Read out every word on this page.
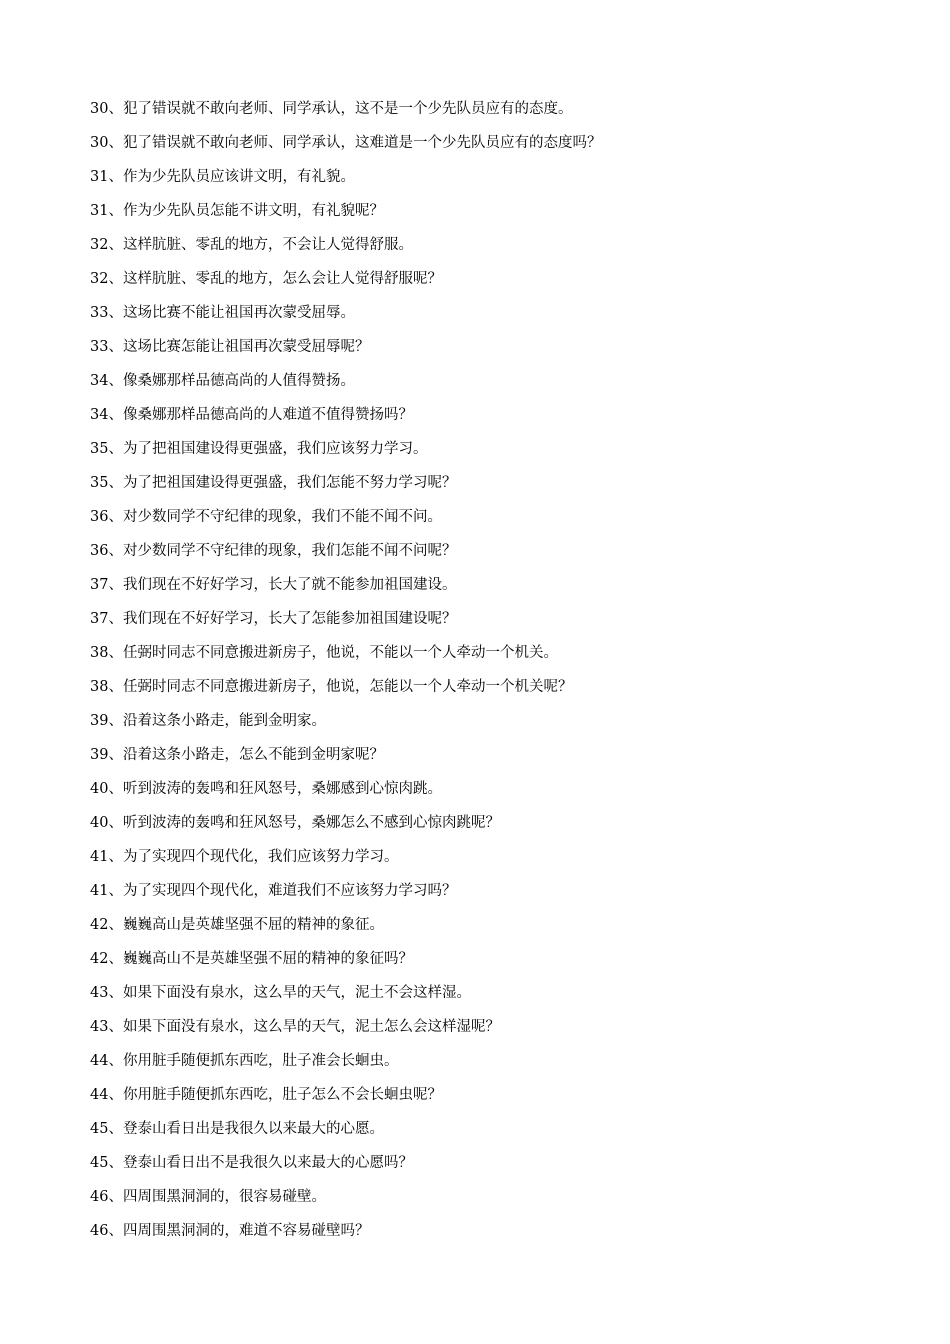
30、犯了错误就不敢向老师、同学承认，这不是一个少先队员应有的态度。
30、犯了错误就不敢向老师、同学承认，这难道是一个少先队员应有的态度吗？
31、作为少先队员应该讲文明，有礼貌。
31、作为少先队员怎能不讲文明，有礼貌呢？
32、这样肮脏、零乱的地方，不会让人觉得舒服。
32、这样肮脏、零乱的地方，怎么会让人觉得舒服呢？
33、这场比赛不能让祖国再次蒙受屈辱。
33、这场比赛怎能让祖国再次蒙受屈辱呢？
34、像桑娜那样品德高尚的人值得赞扬。
34、像桑娜那样品德高尚的人难道不值得赞扬吗？
35、为了把祖国建设得更强盛，我们应该努力学习。
35、为了把祖国建设得更强盛，我们怎能不努力学习呢？
36、对少数同学不守纪律的现象，我们不能不闻不问。
36、对少数同学不守纪律的现象，我们怎能不闻不问呢？
37、我们现在不好好学习，长大了就不能参加祖国建设。
37、我们现在不好好学习，长大了怎能参加祖国建设呢？
38、任弼时同志不同意搬进新房子，他说，不能以一个人牵动一个机关。
38、任弼时同志不同意搬进新房子，他说，怎能以一个人牵动一个机关呢？
39、沿着这条小路走，能到金明家。
39、沿着这条小路走，怎么不能到金明家呢？
40、听到波涛的轰鸣和狂风怒号，桑娜感到心惊肉跳。
40、听到波涛的轰鸣和狂风怒号，桑娜怎么不感到心惊肉跳呢？
41、为了实现四个现代化，我们应该努力学习。
41、为了实现四个现代化，难道我们不应该努力学习吗？
42、巍巍高山是英雄坚强不屈的精神的象征。
42、巍巍高山不是英雄坚强不屈的精神的象征吗？
43、如果下面没有泉水，这么旱的天气，泥土不会这样湿。
43、如果下面没有泉水，这么旱的天气，泥土怎么会这样湿呢？
44、你用脏手随便抓东西吃，肚子准会长蛔虫。
44、你用脏手随便抓东西吃，肚子怎么不会长蛔虫呢？
45、登泰山看日出是我很久以来最大的心愿。
45、登泰山看日出不是我很久以来最大的心愿吗？
46、四周围黑洞洞的，很容易碰壁。
46、四周围黑洞洞的，难道不容易碰壁吗？
